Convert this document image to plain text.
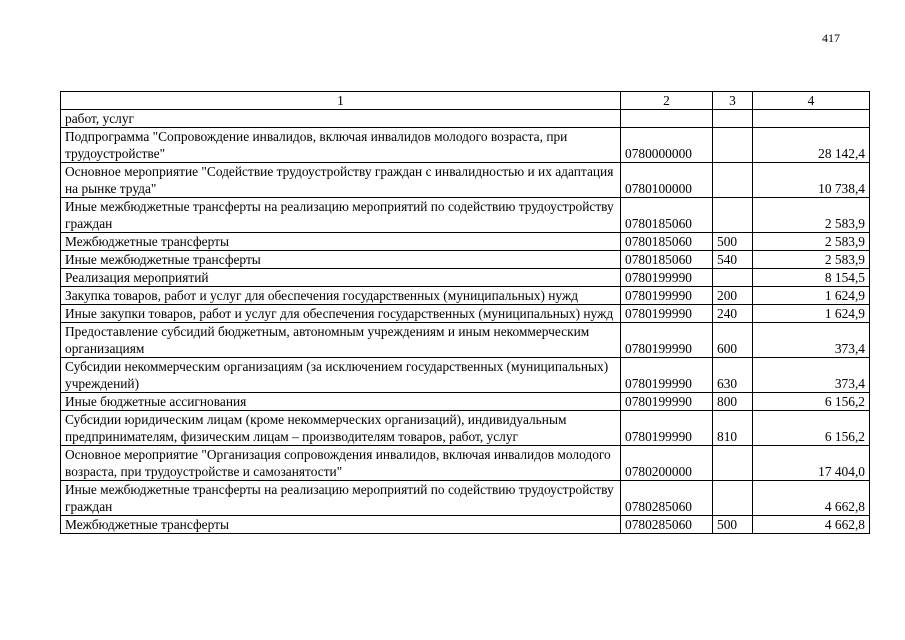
417
1	2	3	4
работ, услуг			
Подпрограмма "Сопровождение инвалидов, включая инвалидов молодого возраста, при трудоустройстве"	0780000000		28 142,4
Основное мероприятие "Содействие трудоустройству граждан с инвалидностью и их адаптация на рынке труда"	0780100000		10 738,4
Иные межбюджетные трансферты на реализацию мероприятий по содействию трудоустройству граждан	0780185060		2 583,9
Межбюджетные трансферты	0780185060	500	2 583,9
Иные межбюджетные трансферты	0780185060	540	2 583,9
Реализация мероприятий	0780199990		8 154,5
Закупка товаров, работ и услуг для обеспечения государственных (муниципальных) нужд	0780199990	200	1 624,9
Иные закупки товаров, работ и услуг для обеспечения государственных (муниципальных) нужд	0780199990	240	1 624,9
Предоставление субсидий бюджетным, автономным учреждениям и иным некоммерческим организациям	0780199990	600	373,4
Субсидии некоммерческим организациям (за исключением государственных (муниципальных) учреждений)	0780199990	630	373,4
Иные бюджетные ассигнования	0780199990	800	6 156,2
Субсидии юридическим лицам (кроме некоммерческих организаций), индивидуальным предпринимателям, физическим лицам – производителям товаров, работ, услуг	0780199990	810	6 156,2
Основное мероприятие "Организация сопровождения инвалидов, включая инвалидов молодого возраста, при трудоустройстве и самозанятости"	0780200000		17 404,0
Иные межбюджетные трансферты на реализацию мероприятий по содействию трудоустройству граждан	0780285060		4 662,8
Межбюджетные трансферты	0780285060	500	4 662,8
